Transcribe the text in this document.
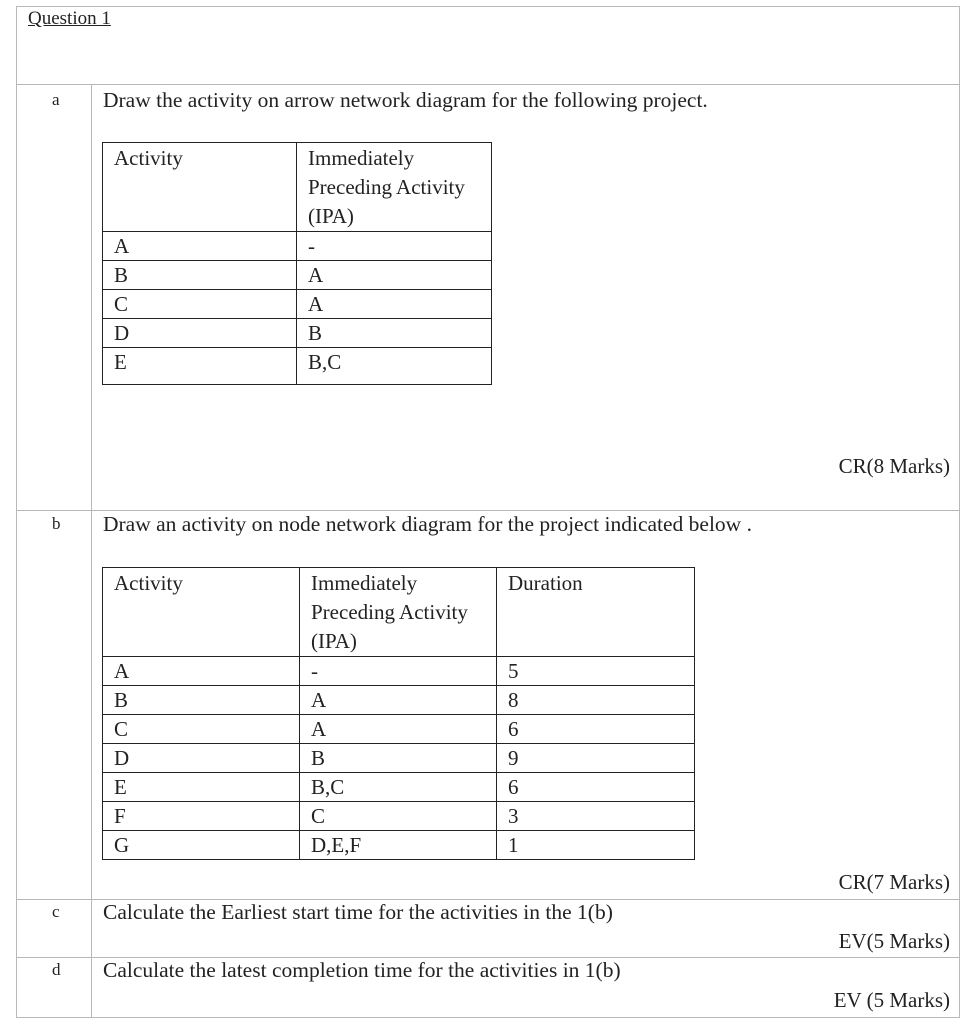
Question 1
a Draw the activity on arrow network diagram for the following project.
Activity	Immediately Preceding Activity (IPA)
A	-
B	A
C	A
D	B
E	B,C
CR(8 Marks)
b Draw an activity on node network diagram for the project indicated below .
Activity	Immediately Preceding Activity (IPA)	Duration
A	-	5
B	A	8
C	A	6
D	B	9
E	B,C	6
F	C	3
G	D,E,F	1
CR(7 Marks)
c Calculate the Earliest start time for the activities in the 1(b)
EV(5 Marks)
d Calculate the latest completion time for the activities in 1(b)
EV (5 Marks)
